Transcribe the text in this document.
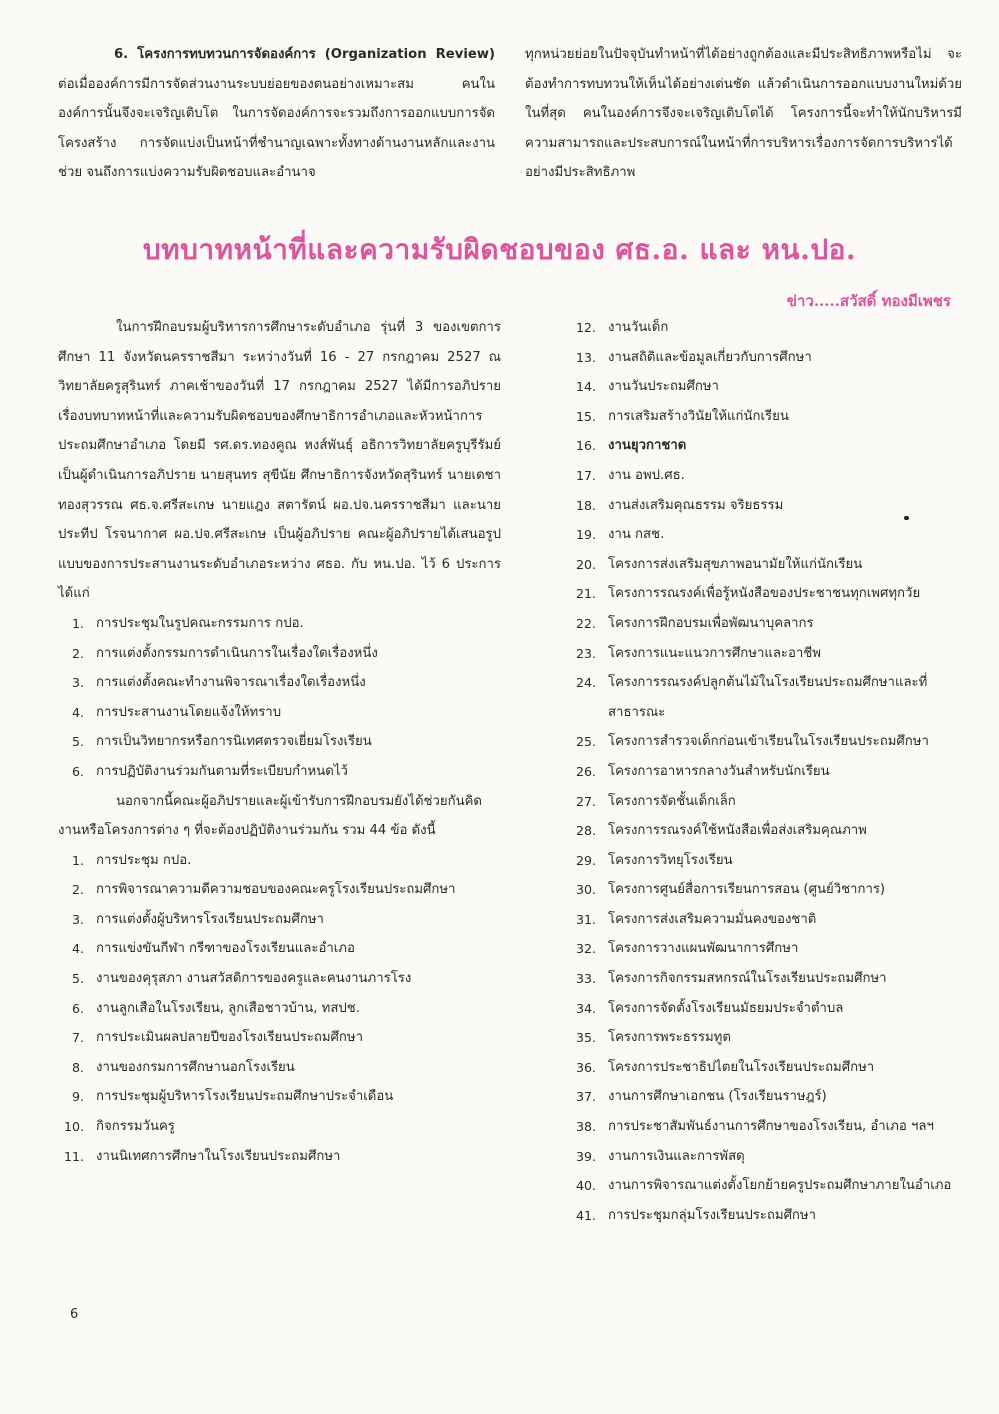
6. โครงการทบทวนการจัดองค์การ (Organization Review) ต่อเมื่อองค์การมีการจัดส่วนงานระบบย่อยของตนอย่างเหมาะสม คนในองค์การนั้นจึงจะเจริญเติบโต ในการจัดองค์การจะรวมถึงการออกแบบการจัดโครงสร้าง การจัดแบ่งเป็นหน้าที่ชำนาญเฉพาะทั้งทางด้านงานหลักและงานช่วย จนถึงการแบ่งความรับผิดชอบและอำนาจ
ทุกหน่วยย่อยในปัจจุบันทำหน้าที่ได้อย่างถูกต้องและมีประสิทธิภาพหรือไม่ จะต้องทำการทบทวนให้เห็นได้อย่างเด่นชัด แล้วดำเนินการออกแบบงานใหม่ด้วยในที่สุด คนในองค์การจึงจะเจริญเติบโตได้ โครงการนี้จะทำให้นักบริหารมีความสามารถและประสบการณ์ในหน้าที่การบริหารเรื่องการจัดการบริหารได้อย่างมีประสิทธิภาพ
บทบาทหน้าที่และความรับผิดชอบของ ศธ.อ. และ หน.ปอ.
ข่าว.....สวัสดิ์ ทองมีเพชร

ในการฝึกอบรมผู้บริหารการศึกษาระดับอำเภอ รุ่นที่ 3 ของเขตการศึกษา 11 จังหวัดนครราชสีมา ระหว่างวันที่ 16 - 27 กรกฎาคม 2527 ณ วิทยาลัยครูสุรินทร์ ภาคเช้าของวันที่ 17 กรกฎาคม 2527 ได้มีการอภิปรายเรื่องบทบาทหน้าที่และความรับผิดชอบของศึกษาธิการอำเภอและหัวหน้าการประถมศึกษาอำเภอ โดยมี รศ.ดร.ทองคูณ หงส์พันธุ์ อธิการวิทยาลัยครูบุรีรัมย์ เป็นผู้ดำเนินการอภิปราย นายสุนทร สุขีนัย ศึกษาธิการจังหวัดสุรินทร์ นายเดชา ทองสุวรรณ ศธ.จ.ศรีสะเกษ นายแฎง สตารัตน์ ผอ.ปจ.นครราชสีมา และนายประทีป โรจนากาศ ผอ.ปจ.ศรีสะเกษ เป็นผู้อภิปราย คณะผู้อภิปรายได้เสนอรูปแบบของการประสานงานระดับอำเภอระหว่าง ศธอ. กับ หน.ปอ. ไว้ 6 ประการ ได้แก่

1. การประชุมในรูปคณะกรรมการ กปอ.
2. การแต่งตั้งกรรมการดำเนินการในเรื่องใดเรื่องหนึ่ง
3. การแต่งตั้งคณะทำงานพิจารณาเรื่องใดเรื่องหนึ่ง
4. การประสานงานโดยแจ้งให้ทราบ
5. การเป็นวิทยากรหรือการนิเทศตรวจเยี่ยมโรงเรียน
6. การปฏิบัติงานร่วมกันตามที่ระเบียบกำหนดไว้

นอกจากนี้คณะผู้อภิปรายและผู้เข้ารับการฝึกอบรมยังได้ช่วยกันคิดงานหรือโครงการต่าง ๆ ที่จะต้องปฏิบัติงานร่วมกัน รวม 44 ข้อ ดังนี้

1. การประชุม กปอ.
2. การพิจารณาความดีความชอบของคณะครูโรงเรียนประถมศึกษา
3. การแต่งตั้งผู้บริหารโรงเรียนประถมศึกษา
4. การแข่งขันกีฬา กรีฑาของโรงเรียนและอำเภอ
5. งานของคุรุสภา งานสวัสดิการของครูและคนงานภารโรง
6. งานลูกเสือในโรงเรียน, ลูกเสือชาวบ้าน, ทสปช.
7. การประเมินผลปลายปีของโรงเรียนประถมศึกษา
8. งานของกรมการศึกษานอกโรงเรียน
9. การประชุมผู้บริหารโรงเรียนประถมศึกษาประจำเดือน
10. กิจกรรมวันครู
11. งานนิเทศการศึกษาในโรงเรียนประถมศึกษา
12. งานวันเด็ก
13. งานสถิติและข้อมูลเกี่ยวกับการศึกษา
14. งานวันประถมศึกษา
15. การเสริมสร้างวินัยให้แก่นักเรียน
16. งานยุวกาชาด
17. งาน อพป.ศธ.
18. งานส่งเสริมคุณธรรม จริยธรรม
19. งาน กสช.
20. โครงการส่งเสริมสุขภาพอนามัยให้แก่นักเรียน
21. โครงการรณรงค์เพื่อรู้หนังสือของประชาชนทุกเพศทุกวัย
22. โครงการฝึกอบรมเพื่อพัฒนาบุคลากร
23. โครงการแนะแนวการศึกษาและอาชีพ
24. โครงการรณรงค์ปลูกต้นไม้ในโรงเรียนประถมศึกษาและที่สาธารณะ
25. โครงการสำรวจเด็กก่อนเข้าเรียนในโรงเรียนประถมศึกษา
26. โครงการอาหารกลางวันสำหรับนักเรียน
27. โครงการจัดชั้นเด็กเล็ก
28. โครงการรณรงค์ใช้หนังสือเพื่อส่งเสริมคุณภาพ
29. โครงการวิทยุโรงเรียน
30. โครงการศูนย์สื่อการเรียนการสอน (ศูนย์วิชาการ)
31. โครงการส่งเสริมความมั่นคงของชาติ
32. โครงการวางแผนพัฒนาการศึกษา
33. โครงการกิจกรรมสหกรณ์ในโรงเรียนประถมศึกษา
34. โครงการจัดตั้งโรงเรียนมัธยมประจำตำบล
35. โครงการพระธรรมทูต
36. โครงการประชาธิปไตยในโรงเรียนประถมศึกษา
37. งานการศึกษาเอกชน (โรงเรียนราษฎร์)
38. การประชาสัมพันธ์งานการศึกษาของโรงเรียน, อำเภอ ฯลฯ
39. งานการเงินและการพัสดุ
40. งานการพิจารณาแต่งตั้งโยกย้ายครูประถมศึกษาภายในอำเภอ
41. การประชุมกลุ่มโรงเรียนประถมศึกษา
6
